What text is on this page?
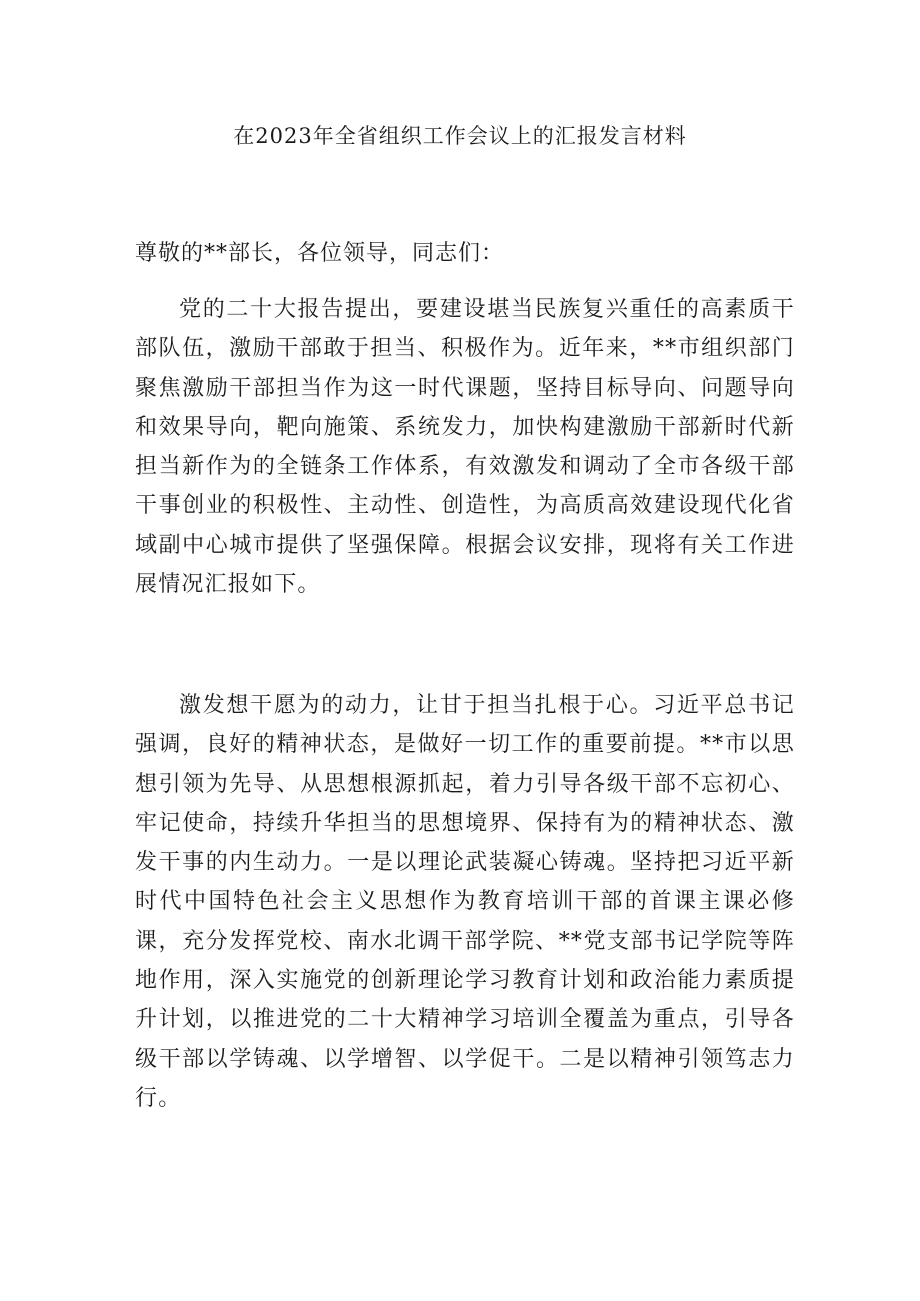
在2023年全省组织工作会议上的汇报发言材料
尊敬的**部长，各位领导，同志们：

党的二十大报告提出，要建设堪当民族复兴重任的高素质干部队伍，激励干部敢于担当、积极作为。近年来，**市组织部门聚焦激励干部担当作为这一时代课题，坚持目标导向、问题导向和效果导向，靶向施策、系统发力，加快构建激励干部新时代新担当新作为的全链条工作体系，有效激发和调动了全市各级干部干事创业的积极性、主动性、创造性，为高质高效建设现代化省域副中心城市提供了坚强保障。根据会议安排，现将有关工作进展情况汇报如下。

激发想干愿为的动力，让甘于担当扎根于心。习近平总书记强调，良好的精神状态，是做好一切工作的重要前提。**市以思想引领为先导、从思想根源抓起，着力引导各级干部不忘初心、牢记使命，持续升华担当的思想境界、保持有为的精神状态、激发干事的内生动力。一是以理论武装凝心铸魂。坚持把习近平新时代中国特色社会主义思想作为教育培训干部的首课主课必修课，充分发挥党校、南水北调干部学院、**党支部书记学院等阵地作用，深入实施党的创新理论学习教育计划和政治能力素质提升计划，以推进党的二十大精神学习培训全覆盖为重点，引导各级干部以学铸魂、以学增智、以学促干。二是以精神引领笃志力行。
